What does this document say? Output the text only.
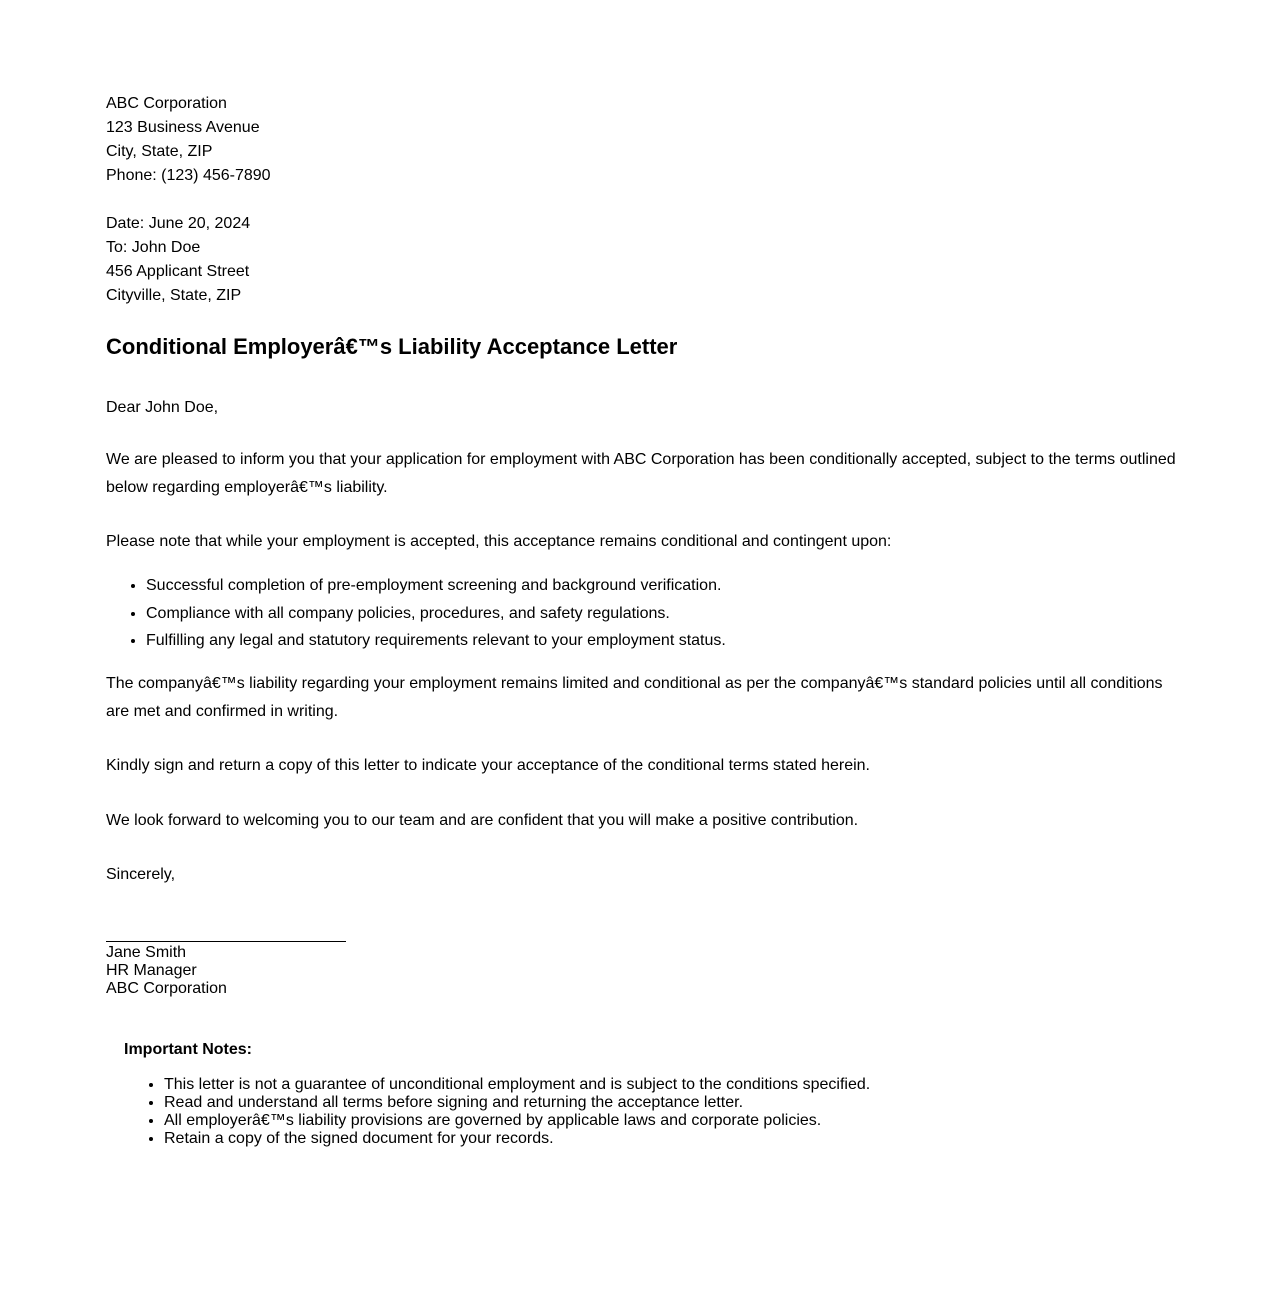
ABC Corporation

123 Business Avenue

City, State, ZIP

Phone: (123) 456-7890

Date: June 20, 2024

To: John Doe

456 Applicant Street

Cityville, State, ZIP

Conditional Employerâ€™s Liability Acceptance Letter

Dear John Doe,

We are pleased to inform you that your application for employment with ABC Corporation has been conditionally accepted, subject to the terms outlined below regarding employerâ€™s liability.

Please note that while your employment is accepted, this acceptance remains conditional and contingent upon:

• Successful completion of pre-employment screening and background verification.
• Compliance with all company policies, procedures, and safety regulations.
• Fulfilling any legal and statutory requirements relevant to your employment status.

The companyâ€™s liability regarding your employment remains limited and conditional as per the companyâ€™s standard policies until all conditions are met and confirmed in writing.

Kindly sign and return a copy of this letter to indicate your acceptance of the conditional terms stated herein.

We look forward to welcoming you to our team and are confident that you will make a positive contribution.

Sincerely,

Jane Smith
HR Manager
ABC Corporation

Important Notes:

• This letter is not a guarantee of unconditional employment and is subject to the conditions specified.
• Read and understand all terms before signing and returning the acceptance letter.
• All employerâ€™s liability provisions are governed by applicable laws and corporate policies.
• Retain a copy of the signed document for your records.
